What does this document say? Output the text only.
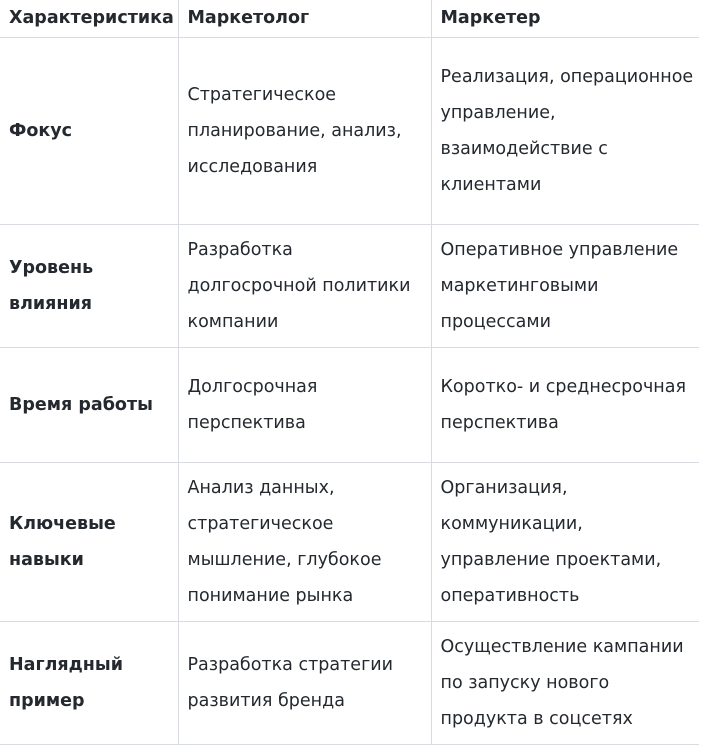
Характеристика	Маркетолог	Маркетер
Фокус	Стратегическое планирование, анализ, исследования	Реализация, операционное управление, взаимодействие с клиентами
Уровень влияния	Разработка долгосрочной политики компании	Оперативное управление маркетинговыми процессами
Время работы	Долгосрочная перспектива	Коротко- и среднесрочная перспектива
Ключевые навыки	Анализ данных, стратегическое мышление, глубокое понимание рынка	Организация, коммуникации, управление проектами, оперативность
Наглядный пример	Разработка стратегии развития бренда	Осуществление кампании по запуску нового продукта в соцсетях
